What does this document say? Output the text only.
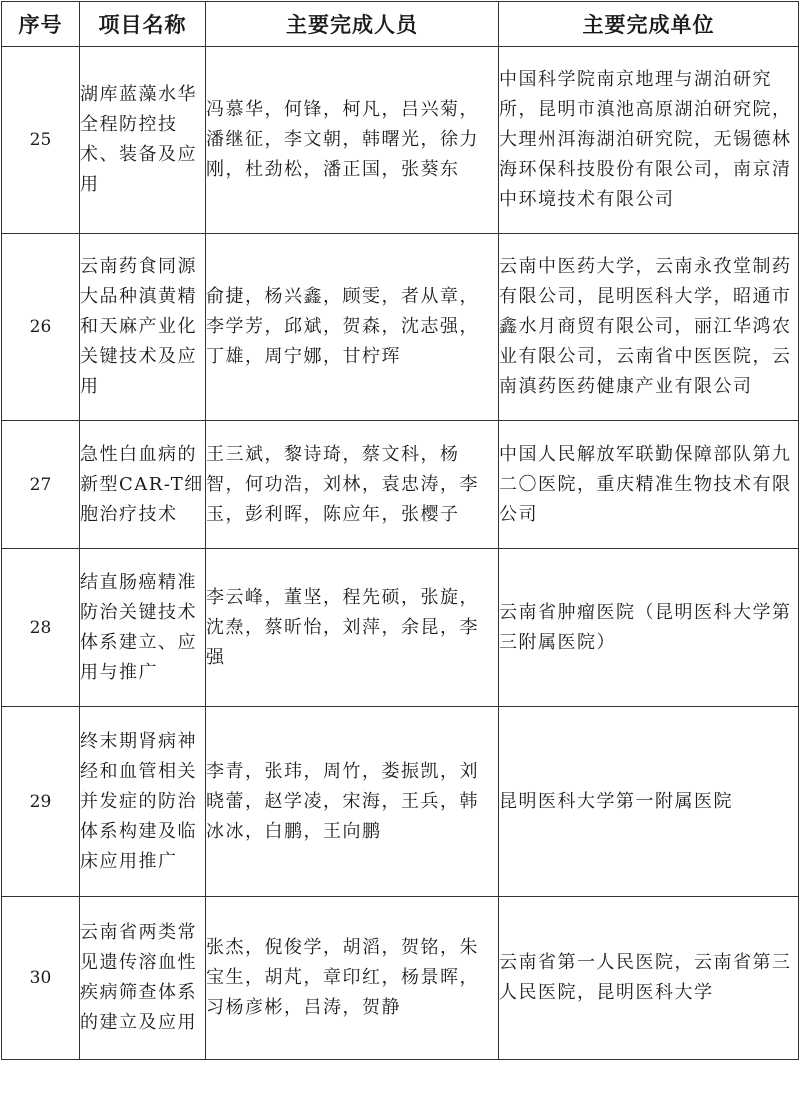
序号	项目名称	主要完成人员	主要完成单位
25	湖库蓝藻水华全程防控技术、装备及应用	冯慕华，何锋，柯凡，吕兴菊，潘继征，李文朝，韩曙光，徐力刚，杜劲松，潘正国，张葵东	中国科学院南京地理与湖泊研究所，昆明市滇池高原湖泊研究院，大理州洱海湖泊研究院，无锡德林海环保科技股份有限公司，南京清中环境技术有限公司
26	云南药食同源大品种滇黄精和天麻产业化关键技术及应用	俞捷，杨兴鑫，顾雯，者从章，李学芳，邱斌，贺森，沈志强，丁雄，周宁娜，甘柠珲	云南中医药大学，云南永孜堂制药有限公司，昆明医科大学，昭通市鑫水月商贸有限公司，丽江华鸿农业有限公司，云南省中医医院，云南滇药医药健康产业有限公司
27	急性白血病的新型CAR-T细胞治疗技术	王三斌，黎诗琦，蔡文科，杨智，何功浩，刘林，袁忠涛，李玉，彭利晖，陈应年，张樱子	中国人民解放军联勤保障部队第九二〇医院，重庆精准生物技术有限公司
28	结直肠癌精准防治关键技术体系建立、应用与推广	李云峰，董坚，程先硕，张旋，沈焘，蔡昕怡，刘萍，余昆，李强	云南省肿瘤医院（昆明医科大学第三附属医院）
29	终末期肾病神经和血管相关并发症的防治体系构建及临床应用推广	李青，张玮，周竹，娄振凯，刘晓蕾，赵学凌，宋海，王兵，韩冰冰，白鹏，王向鹏	昆明医科大学第一附属医院
30	云南省两类常见遗传溶血性疾病筛查体系的建立及应用	张杰，倪俊学，胡滔，贺铭，朱宝生，胡芃，章印红，杨景晖，习杨彦彬，吕涛，贺静	云南省第一人民医院，云南省第三人民医院，昆明医科大学
